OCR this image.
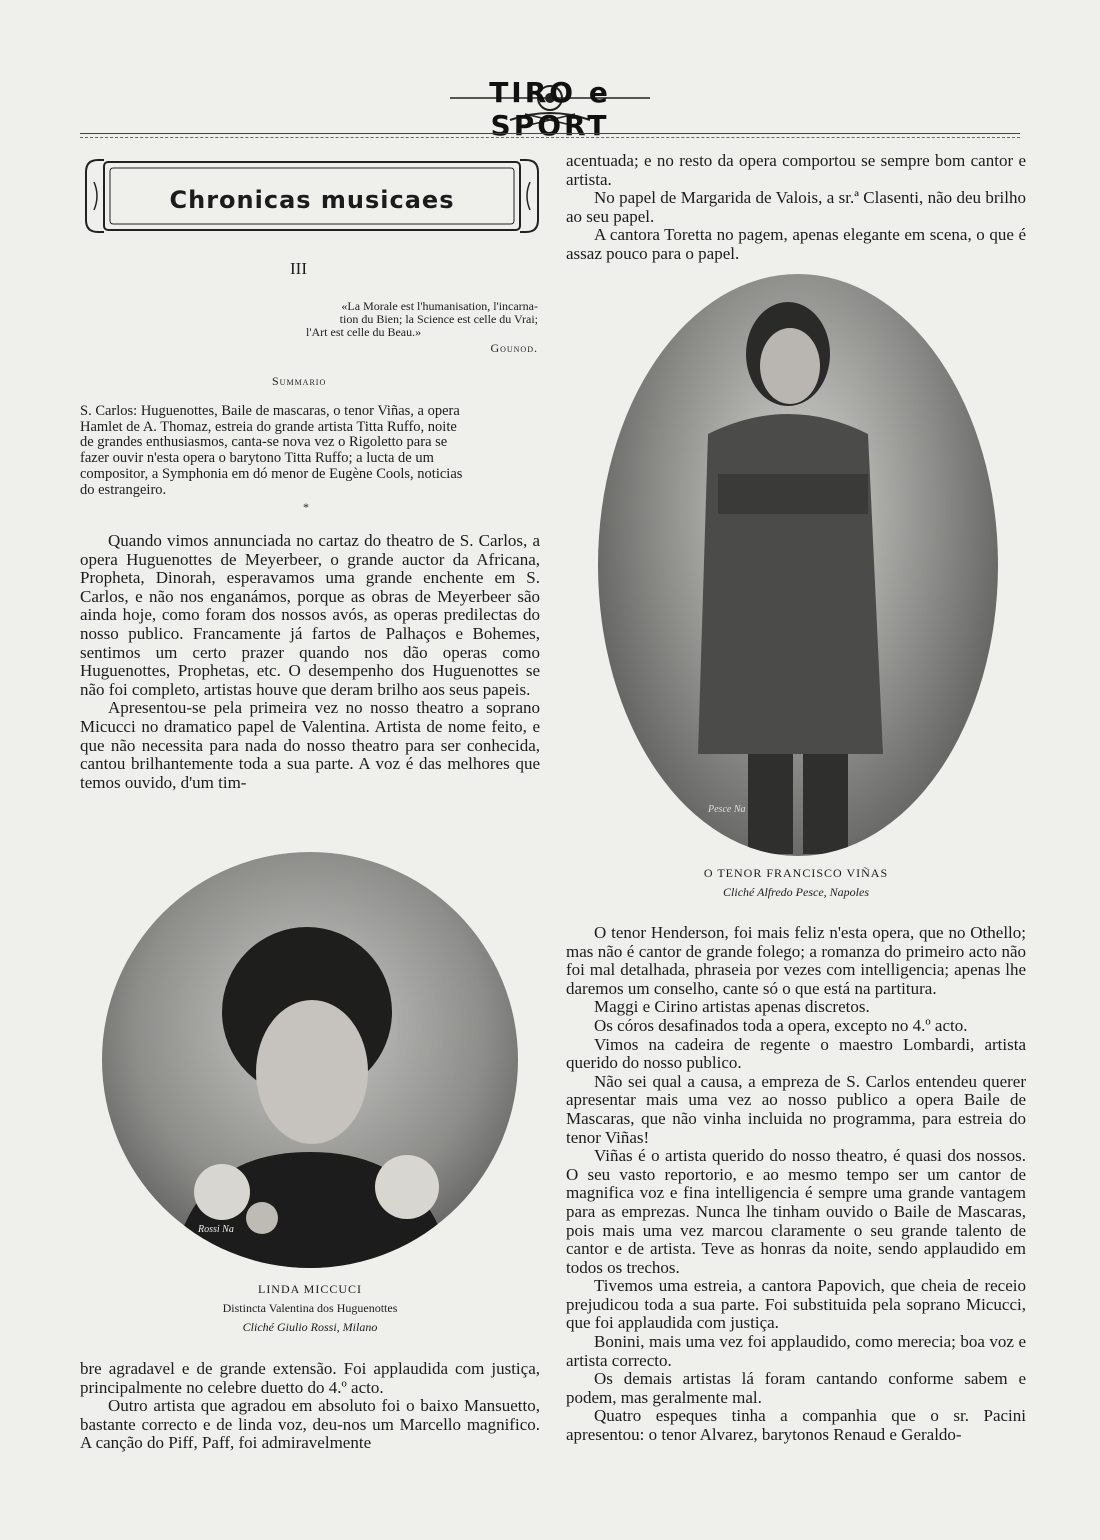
TIRO e SPORT
Chronicas musicaes
III
«La Morale est l'humanisation, l'incarna-
tion du Bien; la Science est celle du Vrai;
l'Art est celle du Beau.»
Gounod.
Summario
S. Carlos: Huguenottes, Baile de mascaras, o tenor Viñas, a opera
Hamlet de A. Thomaz, estreia do grande artista Titta Ruffo, noite
de grandes enthusiasmos, canta-se nova vez o Rigoletto para se
fazer ouvir n'esta opera o barytono Titta Ruffo; a lucta de um
compositor, a Symphonia em dó menor de Eugène Cools, noticias
do estrangeiro.
*

Quando vimos annunciada no cartaz do theatro de S. Carlos, a opera Huguenottes de Meyerbeer, o grande auctor da Africana, Propheta, Dinorah, esperavamos uma grande enchente em S. Carlos, e não nos enganámos, porque as obras de Meyerbeer são ainda hoje, como foram dos nossos avós, as operas predilectas do nosso publico. Francamente já fartos de Palhaços e Bohemes, sentimos um certo prazer quando nos dão operas como Huguenottes, Prophetas, etc. O desempenho dos Huguenottes se não foi completo, artistas houve que deram brilho aos seus papeis.

Apresentou-se pela primeira vez no nosso theatro a soprano Micucci no dramatico papel de Valentina. Artista de nome feito, e que não necessita para nada do nosso theatro para ser conhecida, cantou brilhantemente toda a sua parte. A voz é das melhores que temos ouvido, d'um tim-

Rossi Na
LINDA MICCUCI
Distincta Valentina dos Huguenottes
Cliché Giulio Rossi, Milano

bre agradavel e de grande extensão. Foi applaudida com justiça, principalmente no celebre duetto do 4.º acto.

Outro artista que agradou em absoluto foi o baixo Mansuetto, bastante correcto e de linda voz, deu-nos um Marcello magnifico. A canção do Piff, Paff, foi admiravelmente

acentuada; e no resto da opera comportou se sempre bom cantor e artista.

No papel de Margarida de Valois, a sr.ª Clasenti, não deu brilho ao seu papel.

A cantora Toretta no pagem, apenas elegante em scena, o que é assaz pouco para o papel.

Pesce Na
O TENOR FRANCISCO VIÑAS
Cliché Alfredo Pesce, Napoles

O tenor Henderson, foi mais feliz n'esta opera, que no Othello; mas não é cantor de grande folego; a romanza do primeiro acto não foi mal detalhada, phraseia por vezes com intelligencia; apenas lhe daremos um conselho, cante só o que está na partitura.

Maggi e Cirino artistas apenas discretos.

Os córos desafinados toda a opera, excepto no 4.º acto.

Vimos na cadeira de regente o maestro Lombardi, artista querido do nosso publico.

Não sei qual a causa, a empreza de S. Carlos entendeu querer apresentar mais uma vez ao nosso publico a opera Baile de Mascaras, que não vinha incluida no programma, para estreia do tenor Viñas!

Viñas é o artista querido do nosso theatro, é quasi dos nossos. O seu vasto reportorio, e ao mesmo tempo ser um cantor de magnifica voz e fina intelligencia é sempre uma grande vantagem para as emprezas. Nunca lhe tinham ouvido o Baile de Mascaras, pois mais uma vez marcou claramente o seu grande talento de cantor e de artista. Teve as honras da noite, sendo applaudido em todos os trechos.

Tivemos uma estreia, a cantora Papovich, que cheia de receio prejudicou toda a sua parte. Foi substituida pela soprano Micucci, que foi applaudida com justiça.

Bonini, mais uma vez foi applaudido, como merecia; boa voz e artista correcto.

Os demais artistas lá foram cantando conforme sabem e podem, mas geralmente mal.

Quatro espeques tinha a companhia que o sr. Pacini apresentou: o tenor Alvarez, barytonos Renaud e Geraldo-
